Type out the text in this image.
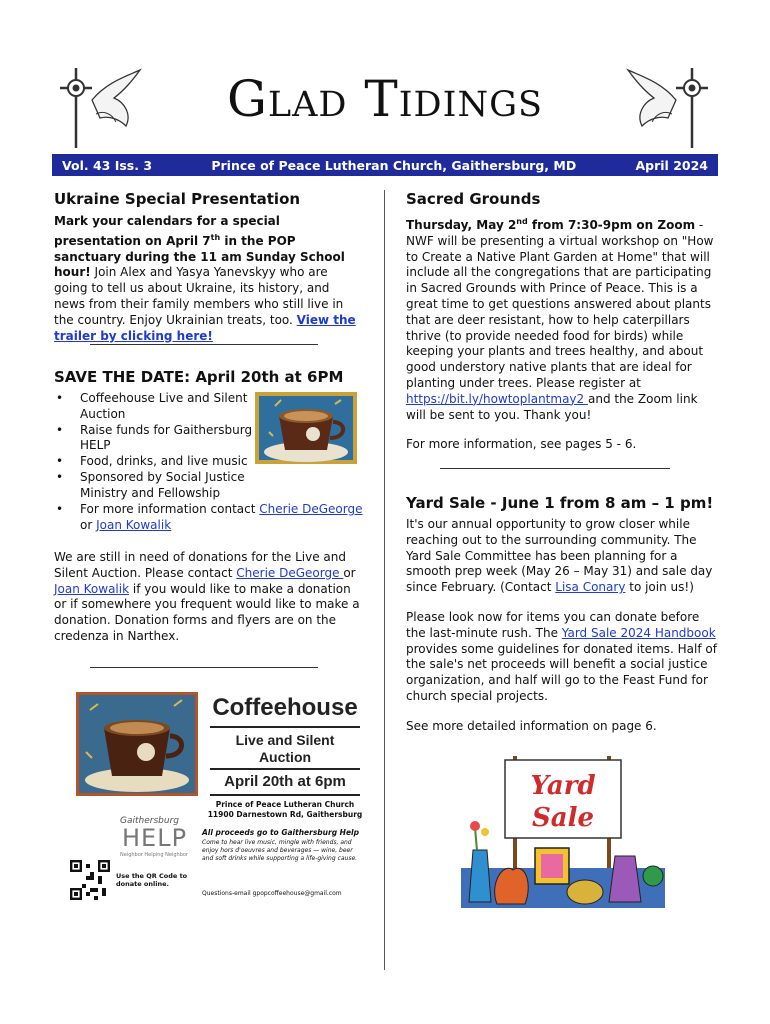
Glad Tidings
Vol. 43 Iss. 3	Prince of Peace Lutheran Church, Gaithersburg, MD	April 2024
Ukraine Special Presentation

Mark your calendars for a special presentation on April 7th in the POP sanctuary during the 11 am Sunday School hour! Join Alex and Yasya Yanevskyy who are going to tell us about Ukraine, its history, and news from their family members who still live in the country. Enjoy Ukrainian treats, too. View the trailer by clicking here!

SAVE THE DATE: April 20th at 6PM
• Coffeehouse Live and Silent Auction
• Raise funds for Gaithersburg HELP
• Food, drinks, and live music
• Sponsored by Social Justice Ministry and Fellowship
• For more information contact Cherie DeGeorge or Joan Kowalik

We are still in need of donations for the Live and Silent Auction. Please contact Cherie DeGeorge or Joan Kowalik if you would like to make a donation or if somewhere you frequent would like to make a donation. Donation forms and flyers are on the credenza in Narthex.

Coffeehouse
Live and Silent
Auction
April 20th at 6pm
Prince of Peace Lutheran Church
11900 Darnestown Rd, Gaithersburg
Gaithersburg
HELP
Neighbor Helping Neighbor
All proceeds go to Gaithersburg Help
Come to hear live music, mingle with friends, and enjoy hors d'oeuvres and beverages — wine, beer and soft drinks while supporting a life-giving cause.
Use the QR Code to donate online.
Questions-email gpopcoffeehouse@gmail.com
Sacred Grounds

Thursday, May 2nd from 7:30-9pm on Zoom - NWF will be presenting a virtual workshop on "How to Create a Native Plant Garden at Home" that will include all the congregations that are participating in Sacred Grounds with Prince of Peace. This is a great time to get questions answered about plants that are deer resistant, how to help caterpillars thrive (to provide needed food for birds) while keeping your plants and trees healthy, and about good understory native plants that are ideal for planting under trees. Please register at https://bit.ly/howtoplantmay2 and the Zoom link will be sent to you. Thank you!

For more information, see pages 5 - 6.

Yard Sale - June 1 from 8 am – 1 pm!

It's our annual opportunity to grow closer while reaching out to the surrounding community. The Yard Sale Committee has been planning for a smooth prep week (May 26 – May 31) and sale day since February. (Contact Lisa Conary to join us!)

Please look now for items you can donate before the last-minute rush. The Yard Sale 2024 Handbook provides some guidelines for donated items. Half of the sale's net proceeds will benefit a social justice organization, and half will go to the Feast Fund for church special projects.

See more detailed information on page 6.

Yard
Sale
